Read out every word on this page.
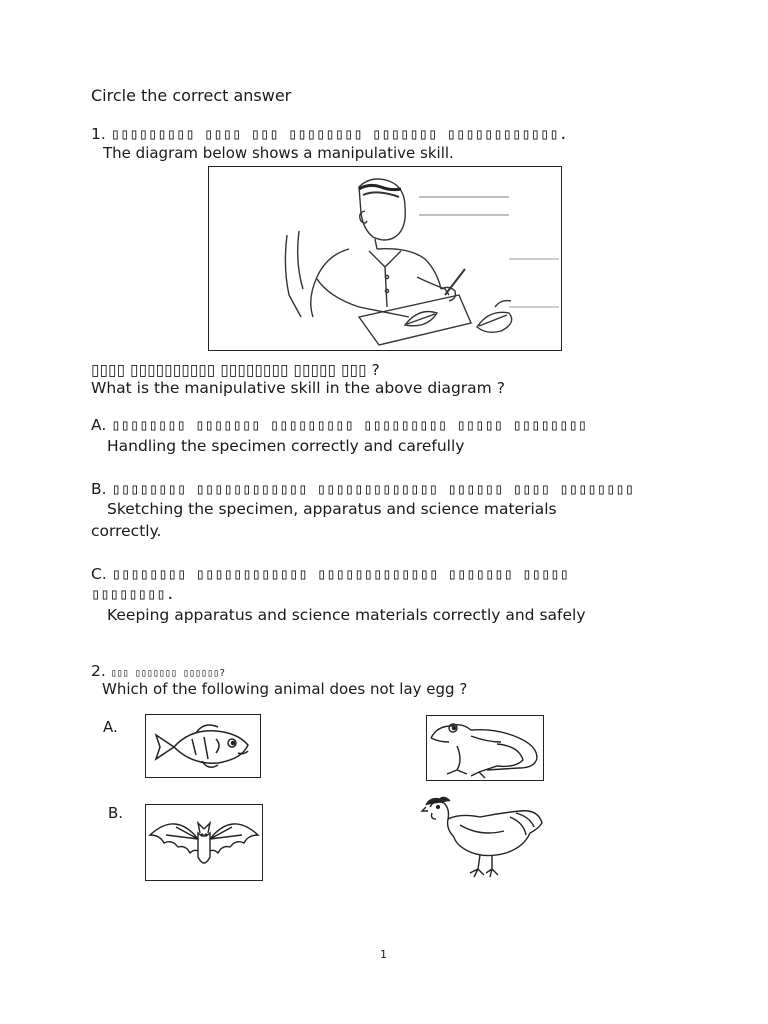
Circle the correct answer
1. ▯▯▯▯▯▯▯▯▯ ▯▯▯▯ ▯▯▯ ▯▯▯▯▯▯▯▯ ▯▯▯▯▯▯▯ ▯▯▯▯▯▯▯▯▯▯▯▯.
The diagram below shows a manipulative skill.
▯▯▯▯ ▯▯▯▯▯▯▯▯▯▯ ▯▯▯▯▯▯▯▯ ▯▯▯▯▯ ▯▯▯ ?
What is the manipulative skill in the above diagram ?
A. ▯▯▯▯▯▯▯▯ ▯▯▯▯▯▯▯ ▯▯▯▯▯▯▯▯▯ ▯▯▯▯▯▯▯▯▯ ▯▯▯▯▯ ▯▯▯▯▯▯▯▯
Handling the specimen correctly and carefully
B. ▯▯▯▯▯▯▯▯ ▯▯▯▯▯▯▯▯▯▯▯▯ ▯▯▯▯▯▯▯▯▯▯▯▯▯ ▯▯▯▯▯▯ ▯▯▯▯ ▯▯▯▯▯▯▯▯
Sketching the specimen, apparatus and science materials
correctly.
C. ▯▯▯▯▯▯▯▯ ▯▯▯▯▯▯▯▯▯▯▯▯ ▯▯▯▯▯▯▯▯▯▯▯▯▯ ▯▯▯▯▯▯▯ ▯▯▯▯▯
▯▯▯▯▯▯▯▯.
Keeping apparatus and science materials correctly and safely
2. ▯▯▯ ▯▯▯▯▯▯▯ ▯▯▯▯▯▯?
Which of the following animal does not lay egg ?
A.
B.
1
